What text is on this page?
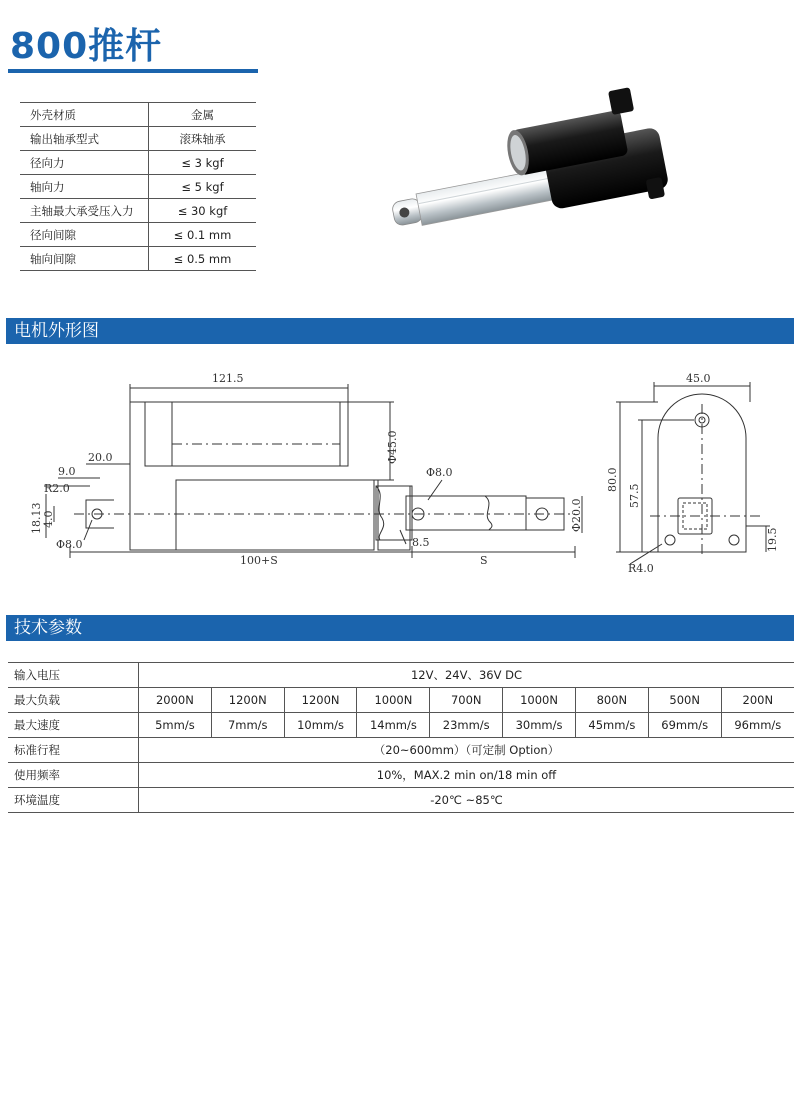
800推杆
外壳材质	金属
输出轴承型式	滚珠轴承
径向力	≤ 3 kgf
轴向力	≤ 5 kgf
主轴最大承受压入力	≤ 30 kgf
径向间隙	≤ 0.1 mm
轴向间隙	≤ 0.5 mm
电机外形图
121.5
Φ45.0
20.0
9.0
R2.0
18.13 4.0
Φ8.0
Φ8.0
8.5
Φ20.0
100+S	S
45.0
80.0
57.5
19.5
R4.0
技术参数
输入电压	12V、24V、36V DC								
最大负载	2000N	1200N	1200N	1000N	700N	1000N	800N	500N	200N
最大速度	5mm/s	7mm/s	10mm/s	14mm/s	23mm/s	30mm/s	45mm/s	69mm/s	96mm/s
标准行程	（20~600mm）（可定制 Option）								
使用频率	10%，MAX.2 min on/18 min off								
环境温度	-20℃ ~85℃								
